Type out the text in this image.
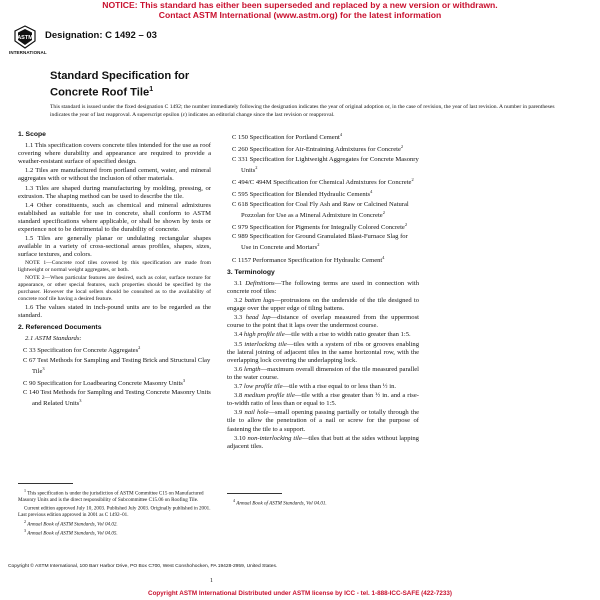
NOTICE: This standard has either been superseded and replaced by a new version or withdrawn.
Contact ASTM International (www.astm.org) for the latest information
ASTM
INTERNATIONAL
Designation: C 1492 – 03
Standard Specification for
Concrete Roof Tile$^1$
This standard is issued under the fixed designation C 1492; the number immediately following the designation indicates the year of original adoption or, in the case of revision, the year of last revision. A number in parentheses indicates the year of last reapproval. A superscript epsilon (ε) indicates an editorial change since the last revision or reapproval.

1. Scope

1.1 This specification covers concrete tiles intended for the use as roof covering where durability and appearance are required to provide a weather-resistant surface of specified design.

1.2 Tiles are manufactured from portland cement, water, and mineral aggregates with or without the inclusion of other materials.

1.3 Tiles are shaped during manufacturing by molding, pressing, or extrusion. The shaping method can be used to describe the tile.

1.4 Other constituents, such as chemical and mineral admixtures established as suitable for use in concrete, shall conform to ASTM standard specifications where applicable, or shall be shown by tests or experience not to be detrimental to the durability of concrete.

1.5 Tiles are generally planar or undulating rectangular shapes available in a variety of cross-sectional areas profiles, shapes, sizes, surface textures, and colors.

NOTE 1—Concrete roof tiles covered by this specification are made from lightweight or normal weight aggregates, or both.

NOTE 2—When particular features are desired, such as color, surface texture for appearance, or other special features, such properties should be specified by the purchaser. However the local sellers should be consulted as to the availability of concrete roof tile having a desired feature.

1.6 The values stated in inch-pound units are to be regarded as the standard.

2. Referenced Documents

2.1 ASTM Standards:

C 33 Specification for Concrete Aggregates$^2$

C 67 Test Methods for Sampling and Testing Brick and Structural Clay Tile$^3$

C 90 Specification for Loadbearing Concrete Masonry Units$^3$

C 140 Test Methods for Sampling and Testing Concrete Masonry Units and Related Units$^3$

C 150 Specification for Portland Cement$^4$

C 260 Specification for Air-Entraining Admixtures for Concrete$^2$

C 331 Specification for Lightweight Aggregates for Concrete Masonry Units$^2$

C 494/C 494M Specification for Chemical Admixtures for Concrete$^2$

C 595 Specification for Blended Hydraulic Cements$^4$

C 618 Specification for Coal Fly Ash and Raw or Calcined Natural Pozzolan for Use as a Mineral Admixture in Concrete$^2$

C 979 Specification for Pigments for Integrally Colored Concrete$^2$

C 989 Specification for Ground Granulated Blast-Furnace Slag for Use in Concrete and Mortars$^2$

C 1157 Performance Specification for Hydraulic Cement$^4$

3. Terminology

3.1 Definitions—The following terms are used in connection with concrete roof tiles:

3.2 batten lugs—protrusions on the underside of the tile designed to engage over the upper edge of tiling battens.

3.3 head lap—distance of overlap measured from the uppermost course to the point that it laps over the undermost course.

3.4 high profile tile—tile with a rise to width ratio greater than 1:5.

3.5 interlocking tile—tiles with a system of ribs or grooves enabling the lateral joining of adjacent tiles in the same horizontal row, with the overlapping lock covering the underlapping lock.

3.6 length—maximum overall dimension of the tile measured parallel to the water course.

3.7 low profile tile—tile with a rise equal to or less than ½ in.

3.8 medium profile tile—tile with a rise greater than ½ in. and a rise-to-width ratio of less than or equal to 1:5.

3.9 nail hole—small opening passing partially or totally through the tile to allow the penetration of a nail or screw for the purpose of fastening the tile to a support.

3.10 non-interlocking tile—tiles that butt at the sides without lapping adjacent tiles.

$^1$ This specification is under the jurisdiction of ASTM Committee C15 on Manufactured Masonry Units and is the direct responsibility of Subcommittee C15.06 on Roofing Tile.

Current edition approved July 10, 2003. Published July 2003. Originally published in 2001. Last previous edition approved in 2001 as C 1492–01.

$^2$ Annual Book of ASTM Standards, Vol 04.02.

$^3$ Annual Book of ASTM Standards, Vol 04.05.

$^4$ Annual Book of ASTM Standards, Vol 04.01.

Copyright © ASTM International, 100 Barr Harbor Drive, PO Box C700, West Conshohocken, PA 19428-2959, United States.
1
Copyright ASTM International Distributed under ASTM license by ICC - tel. 1-888-ICC-SAFE (422-7233)
